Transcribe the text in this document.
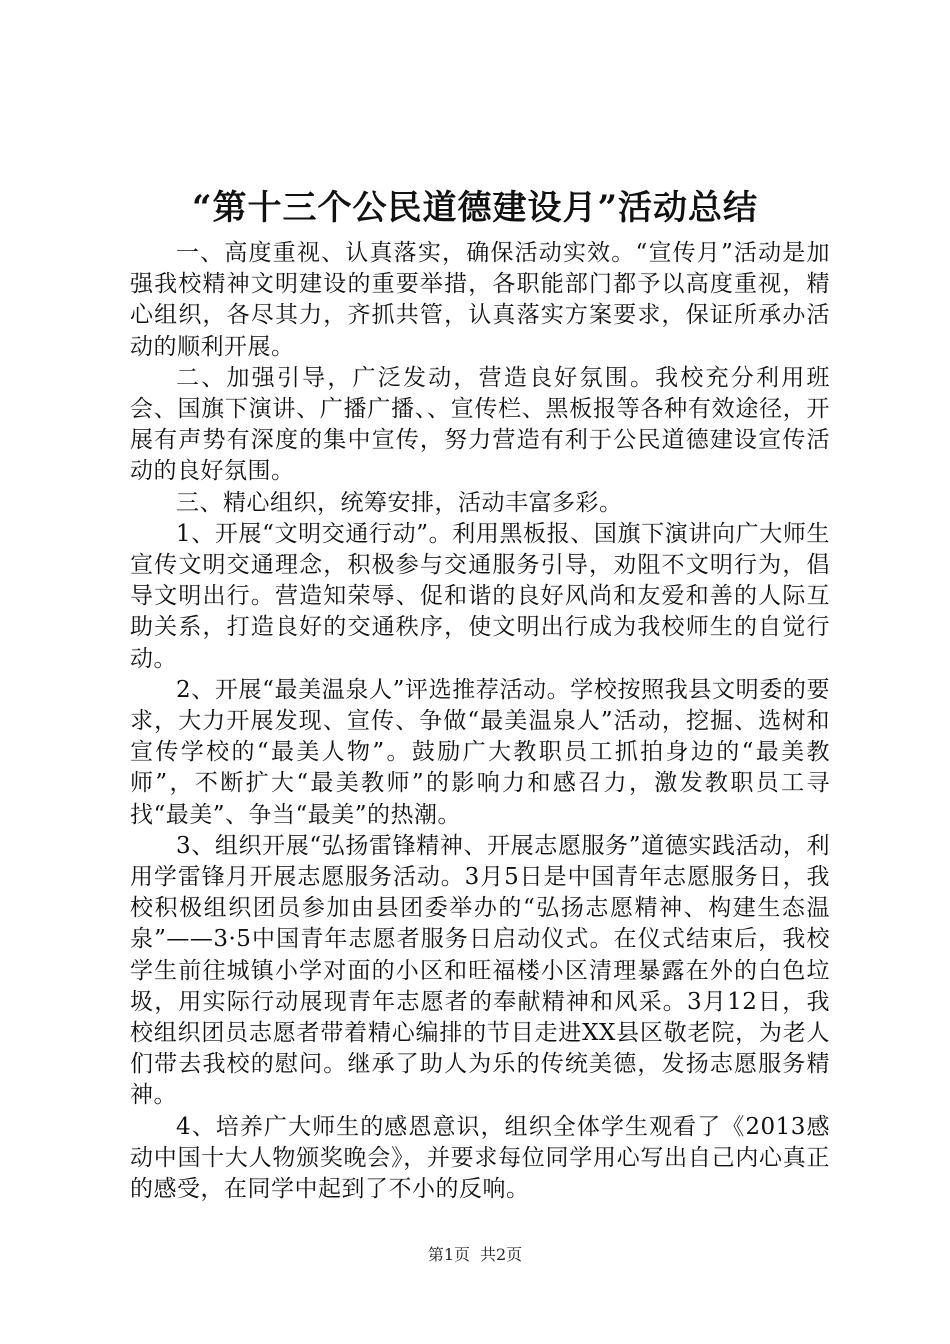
“第十三个公民道德建设月”活动总结

一、高度重视、认真落实，确保活动实效。“宣传月”活动是加强我校精神文明建设的重要举措，各职能部门都予以高度重视，精心组织，各尽其力，齐抓共管，认真落实方案要求，保证所承办活动的顺利开展。

二、加强引导，广泛发动，营造良好氛围。我校充分利用班会、国旗下演讲、广播广播、、宣传栏、黑板报等各种有效途径，开展有声势有深度的集中宣传，努力营造有利于公民道德建设宣传活动的良好氛围。

三、精心组织，统筹安排，活动丰富多彩。

1、开展“文明交通行动”。利用黑板报、国旗下演讲向广大师生宣传文明交通理念，积极参与交通服务引导，劝阻不文明行为，倡导文明出行。营造知荣辱、促和谐的良好风尚和友爱和善的人际互助关系，打造良好的交通秩序，使文明出行成为我校师生的自觉行动。

2、开展“最美温泉人”评选推荐活动。学校按照我县文明委的要求，大力开展发现、宣传、争做“最美温泉人”活动，挖掘、选树和宣传学校的“最美人物”。鼓励广大教职员工抓拍身边的“最美教师”，不断扩大“最美教师”的影响力和感召力，激发教职员工寻找“最美”、争当“最美”的热潮。

3、组织开展“弘扬雷锋精神、开展志愿服务”道德实践活动，利用学雷锋月开展志愿服务活动。3月5日是中国青年志愿服务日，我校积极组织团员参加由县团委举办的“弘扬志愿精神、构建生态温泉”——3·5中国青年志愿者服务日启动仪式。在仪式结束后，我校学生前往城镇小学对面的小区和旺福楼小区清理暴露在外的白色垃圾，用实际行动展现青年志愿者的奉献精神和风采。3月12日，我校组织团员志愿者带着精心编排的节目走进XX县区敬老院，为老人们带去我校的慰问。继承了助人为乐的传统美德，发扬志愿服务精神。

4、培养广大师生的感恩意识，组织全体学生观看了《2013感动中国十大人物颁奖晚会》，并要求每位同学用心写出自己内心真正的感受，在同学中起到了不小的反响。

第1页 共2页
